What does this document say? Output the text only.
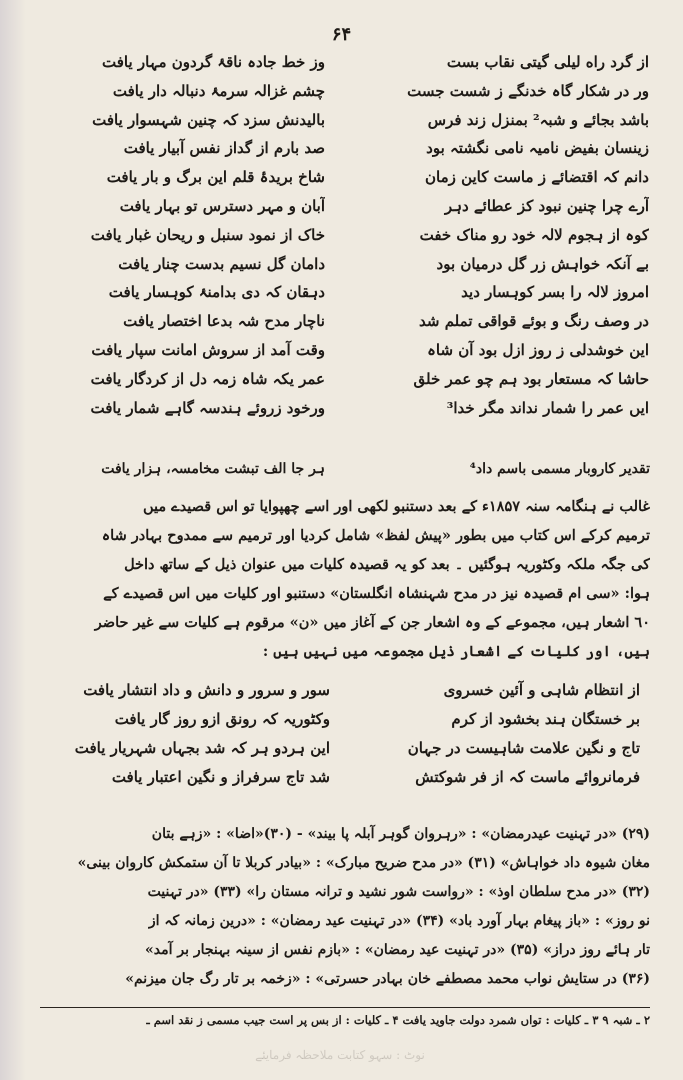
۶۴
از گرد راه لیلی گیتی نقاب بست
ور در شکار گاہ خدنگے ز شست جست
باشد بجائے و شبہ² بمنزل زند فرس
زینسان بفیض نامیہ نامی نگشتہ بود
دانم کہ اقتضائے ز ماست کاین زمان
آرے چرا چنین نبود کز عطائے دہر
کوہ از ہجوم لالہ خود رو مناک خفت
بے آنکہ خواہش زر گل درمیان بود
امروز لالہ را بسر کوہسار دید
در وصف رنگ و بوئے قواقی تملم شد
این خوشدلی ز روز ازل بود آن شاہ
حاشا کہ مستعار بود ہم چو عمر خلق
ایں عمر را شمار نداند مگر خدا³
وز خط جادہ ناقۂ گردون مہار یافت
چشم غزالہ سرمۂ دنبالہ دار یافت
بالیدنش سزد کہ چنین شہسوار یافت
صد بارم از گداز نفس آبیار یافت
شاخ بریدۂ قلم این برگ و بار یافت
آبان و مہر دسترس تو بہار یافت
خاک از نمود سنبل و ریحان غبار یافت
دامان گل نسیم بدست چنار یافت
دہقان کہ دی بدامنۂ کوہسار یافت
ناچار مدح شہ بدعا اختصار یافت
وقت آمد از سروش امانت سپار یافت
عمر یکہ شاہ زمہ دل از کردگار یافت
ورخود زروئے ہندسہ گاہے شمار یافت
تقدیر کاروبار مسمی باسم داد⁴
ہر جا الف تبشت مخامسہ، ہزار یافت
غالب نے ہنگامہ سنہ ۱۸۵۷ء کے بعد دستنبو لکھی اور اسے چھپوایا تو اس قصیدے میں
ترمیم کرکے اس کتاب میں بطور «پیش لفظ» شامل کردیا اور ترمیم سے ممدوح بہادر شاہ
کی جگہ ملکہ وکٹوریہ ہوگئیں ۔ بعد کو یہ قصیدہ کلیات میں عنوان ذیل کے ساتھ داخل
ہوا: «سی ام قصیدہ نیز در مدح شہنشاہ انگلستان» دستنبو اور کلیات میں اس قصیدے کے
٦٠ اشعار ہیں، مجموعے کے وہ اشعار جن کے آغاز میں «ن» مرقوم ہے کلیات سے غیر حاضر
ہیں، اور کلیات کے اشعار ذیل مجموعہ میں نہیں ہیں :
از انتظام شاہی و آئین خسروی
سور و سرور و دانش و داد انتشار یافت
بر خستگان ہند بخشود از کرم
وکٹوریہ کہ رونق ازو روز گار یافت
تاج و نگین علامت شاہیست در جہان
این ہردو ہر کہ شد بجہاں شہریار یافت
فرمانروائے ماست کہ از فر شوکتش
شد تاج سرفراز و نگین اعتبار یافت
(۲۹) «در تہنیت عیدرمضان» : «رہروان گوہر آبلہ پا بیند» - (۳۰)«اضا» : «زہے بتان
مغان شیوہ داد خواہاش» (۳۱) «در مدح ضریح مبارک» : «بیادر کربلا تا آن ستمکش کاروان بینی»
(۳۲) «در مدح سلطان اوذ» : «رواست شور نشید و ترانہ مستان را» (۳۳) «در تہنیت
نو روز» : «باز پیغام بہار آورد باد» (۳۴) «در تہنیت عید رمضان» : «درین زمانہ کہ از
تار ہائے روز دراز» (۳۵) «در تہنیت عید رمضان» : «بازم نفس از سینہ بہنجار بر آمد»
(۳۶) در ستایش نواب محمد مصطفے خان بہادر حسرتی» : «زخمہ بر تار رگ جان میزنم»
۲ ـ شبہ ۹ ۳ ـ کلیات : تواں شمرد دولت جاوید یافت ۴ ـ کلیات : از بس پر است جیب مسمی ز نقد اسم ـ
نوٹ : سہو کتابت ملاحظہ فرمایئے
